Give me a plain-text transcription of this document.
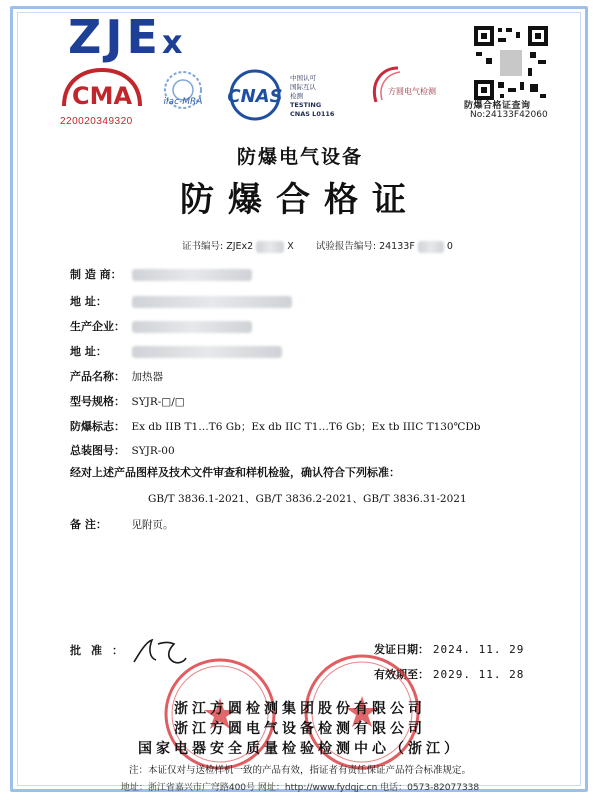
ZJEx
CMA
220020349320
ilac-MRA CNAS
中国认可
国际互认
检测
TESTING
CNAS L0116
方圆电气检测
防爆合格证查询
No:24133F42060
防爆电气设备
防爆合格证
证书编号: ZJEx2	X 试验报告编号: 24133F	0
制 造 商：
地 址：
生产企业：
地 址：
产品名称： 加热器
型号规格： SYJR-□/□
防爆标志： Ex db IIB T1…T6 Gb；Ex db IIC T1…T6 Gb；Ex tb IIIC T130℃Db
总装图号： SYJR-00
经对上述产品图样及技术文件审查和样机检验，确认符合下列标准：
GB/T 3836.1-2021、GB/T 3836.2-2021、GB/T 3836.31-2021
备 注： 见附页。
批准：	发证日期： 2024. 11. 29
有效期至： 2029. 11. 28
浙江方圆检测集团股份有限公司
浙江方圆电气设备检测有限公司
国家电器安全质量检验检测中心（浙江）
注：本证仅对与送检样机一致的产品有效，指证者有责任保证产品符合标准规定。
地址：浙江省嘉兴市广穹路400号 网址：http://www.fydqjc.cn 电话：0573-82077338
